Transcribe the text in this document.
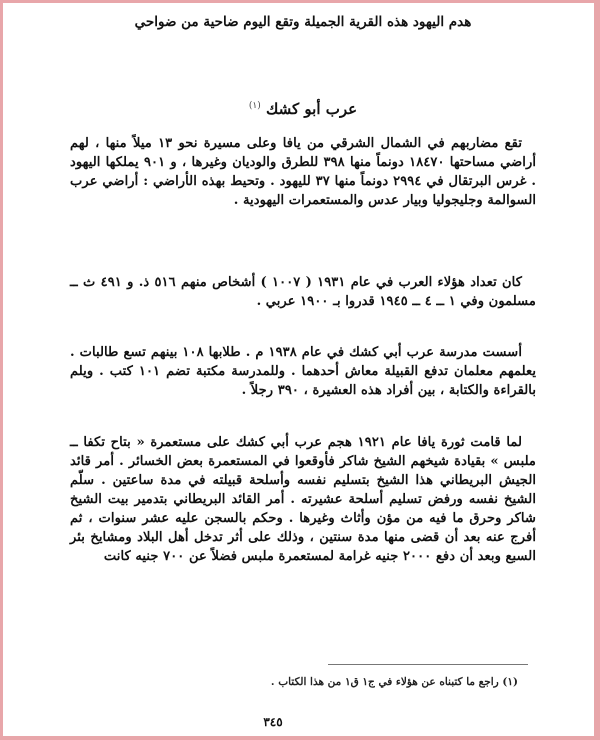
هدم اليهود هذه القرية الجميلة وتقع اليوم ضاحية من ضواحي
عرب أبو كشك $^{(١)}$

تقع مضاربهم في الشمال الشرقي من يافا وعلى مسيرة نحو ١٣ ميلاً منها ، لهم أراضي مساحتها ١٨٤٧٠ دونماً منها ٣٩٨ للطرق والوديان وغيرها ، و ٩٠١ يملكها اليهود . غرس البرتقال في ٢٩٩٤ دونماً منها ٣٧ لليهود . وتحيط بهذه الأراضي : أراضي عرب السوالمة وجليجوليا وبيار عدس والمستعمرات اليهودية .

كان تعداد هؤلاء العرب في عام ١٩٣١ ( ١٠٠٧ ) أشخاص منهم ٥١٦ ذ. و ٤٩١ ث ــ مسلمون وفي ١ ــ ٤ ــ ١٩٤٥ قدروا بـ ١٩٠٠ عربي .

أسست مدرسة عرب أبي كشك في عام ١٩٣٨ م . طلابها ١٠٨ بينهم تسع طالبات . يعلمهم معلمان تدفع القبيلة معاش أحدهما . وللمدرسة مكتبة تضم ١٠١ كتب . ويلم بالقراءة والكتابة ، بين أفراد هذه العشيرة ، ٣٩٠ رجلاً .

لما قامت ثورة يافا عام ١٩٢١ هجم عرب أبي كشك على مستعمرة « بتاح تكفا ــ ملبس » بقيادة شيخهم الشيخ شاكر فأوقعوا في المستعمرة بعض الخسائر . أمر قائد الجيش البريطاني هذا الشيخ بتسليم نفسه وأسلحة قبيلته في مدة ساعتين . سلّم الشيخ نفسه ورفض تسليم أسلحة عشيرته . أمر القائد البريطاني بتدمير بيت الشيخ شاكر وحرق ما فيه من مؤن وأثاث وغيرها . وحكم بالسجن عليه عشر سنوات ، ثم أفرج عنه بعد أن قضى منها مدة سنتين ، وذلك على أثر تدخل أهل البلاد ومشايخ بئر السبع وبعد أن دفع ٢٠٠٠ جنيه غرامة لمستعمرة ملبس فضلاً عن ٧٠٠ جنيه كانت

(١) راجع ما كتبناه عن هؤلاء في ج١ ق١ من هذا الكتاب .
٣٤٥
